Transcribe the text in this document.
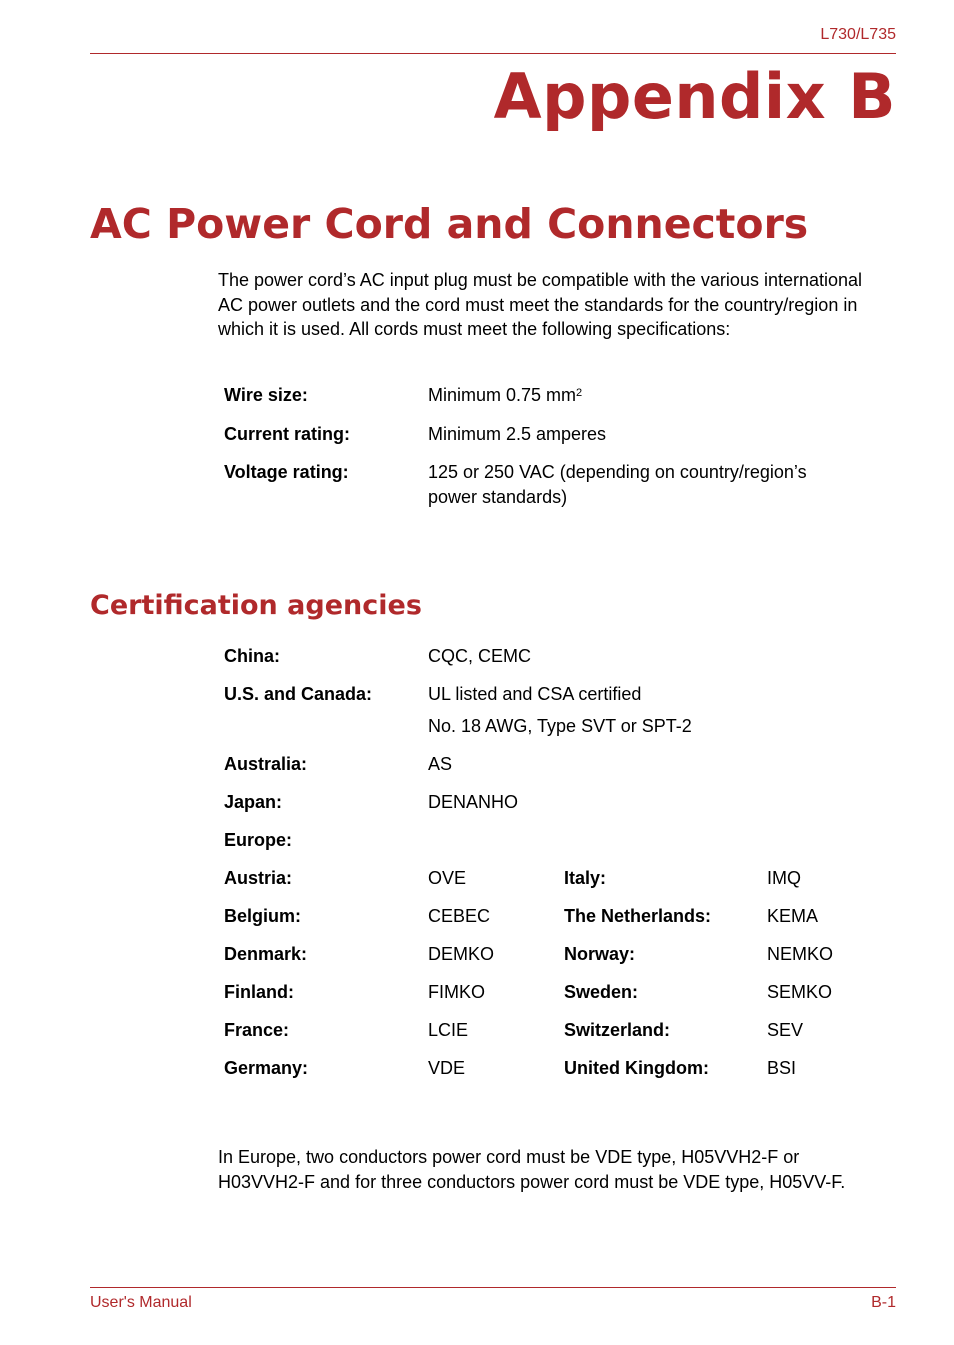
L730/L735
Appendix B
AC Power Cord and Connectors

The power cord’s AC input plug must be compatible with the various international AC power outlets and the cord must meet the standards for the country/region in which it is used. All cords must meet the following specifications:

Wire size:	Minimum 0.75 $mm^2$
Current rating:	Minimum 2.5 amperes
Voltage rating:	125 or 250 VAC (depending on country/region’s
power standards)
Certification agencies
China:	CQC, CEMC
U.S. and Canada:	UL listed and CSA certified
No. 18 AWG, Type SVT or SPT-2
Australia:	AS
Japan:	DENANHO
Europe:
Austria:	OVE	Italy:	IMQ
Belgium:	CEBEC	The Netherlands:	KEMA
Denmark:	DEMKO	Norway:	NEMKO
Finland:	FIMKO	Sweden:	SEMKO
France:	LCIE	Switzerland:	SEV
Germany:	VDE	United Kingdom:	BSI

In Europe, two conductors power cord must be VDE type, H05VVH2-F or H03VVH2-F and for three conductors power cord must be VDE type, H05VV-F.

User's Manual	B-1
